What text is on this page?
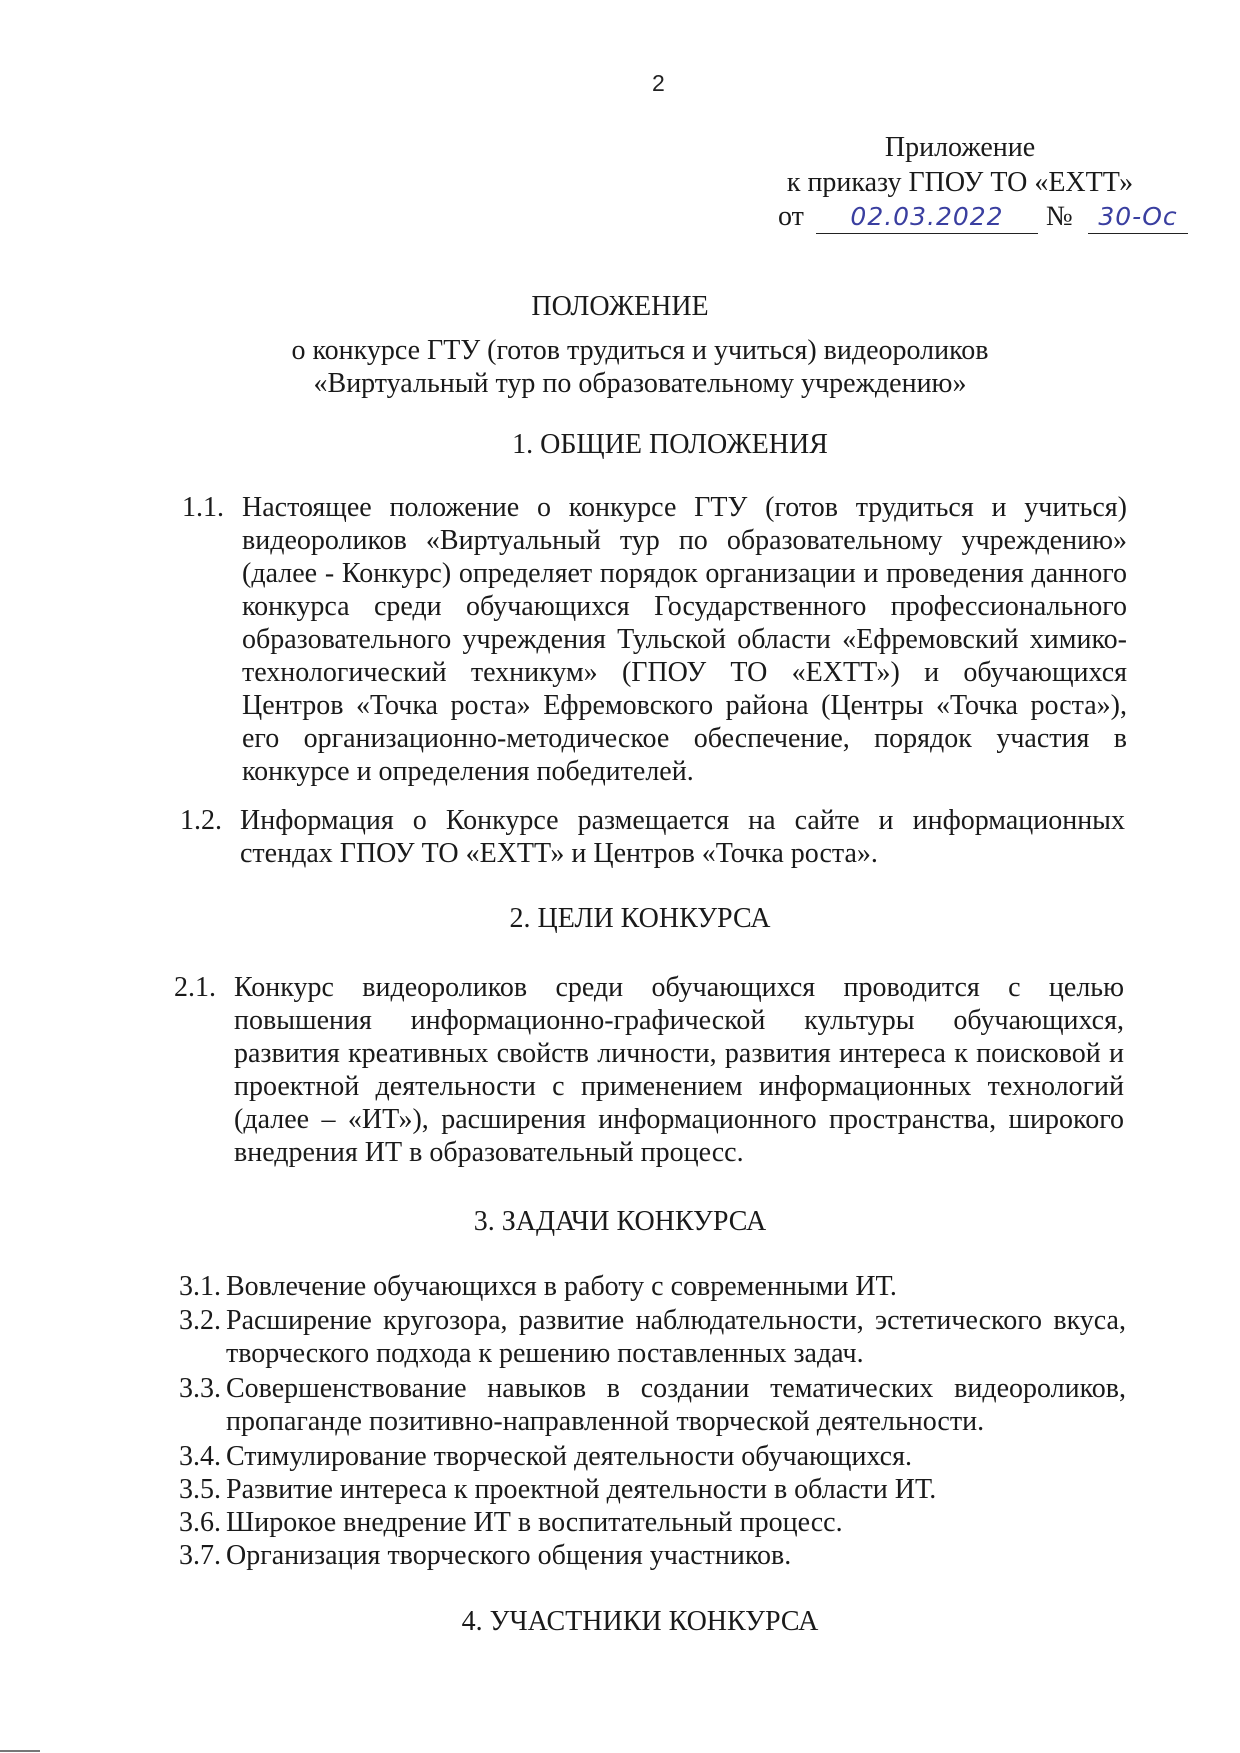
2
Приложение
к приказу ГПОУ ТО «ЕХТТ»
от	02.03.2022	№	30-Ос
ПОЛОЖЕНИЕ
о конкурсе ГТУ (готов трудиться и учиться) видеороликов
«Виртуальный тур по образовательному учреждению»
1. ОБЩИЕ ПОЛОЖЕНИЯ
1.1. Настоящее положение о конкурсе ГТУ (готов трудиться и учиться) видеороликов «Виртуальный тур по образовательному учреждению» (далее - Конкурс) определяет порядок организации и проведения данного конкурса среди обучающихся Государственного профессионального образовательного учреждения Тульской области «Ефремовский химико-технологический техникум» (ГПОУ ТО «ЕХТТ») и обучающихся Центров «Точка роста» Ефремовского района (Центры «Точка роста»), его организационно-методическое обеспечение, порядок участия в конкурсе и определения победителей.
1.2. Информация о Конкурсе размещается на сайте и информационных стендах ГПОУ ТО «ЕХТТ» и Центров «Точка роста».
2. ЦЕЛИ КОНКУРСА
2.1. Конкурс видеороликов среди обучающихся проводится с целью повышения информационно-графической культуры обучающихся, развития креативных свойств личности, развития интереса к поисковой и проектной деятельности с применением информационных технологий (далее – «ИТ»), расширения информационного пространства, широкого внедрения ИТ в образовательный процесс.
3. ЗАДАЧИ КОНКУРСА
3.1. Вовлечение обучающихся в работу с современными ИТ.
3.2. Расширение кругозора, развитие наблюдательности, эстетического вкуса, творческого подхода к решению поставленных задач.
3.3. Совершенствование навыков в создании тематических видеороликов, пропаганде позитивно-направленной творческой деятельности.
3.4. Стимулирование творческой деятельности обучающихся.
3.5. Развитие интереса к проектной деятельности в области ИТ.
3.6. Широкое внедрение ИТ в воспитательный процесс.
3.7. Организация творческого общения участников.
4. УЧАСТНИКИ КОНКУРСА
